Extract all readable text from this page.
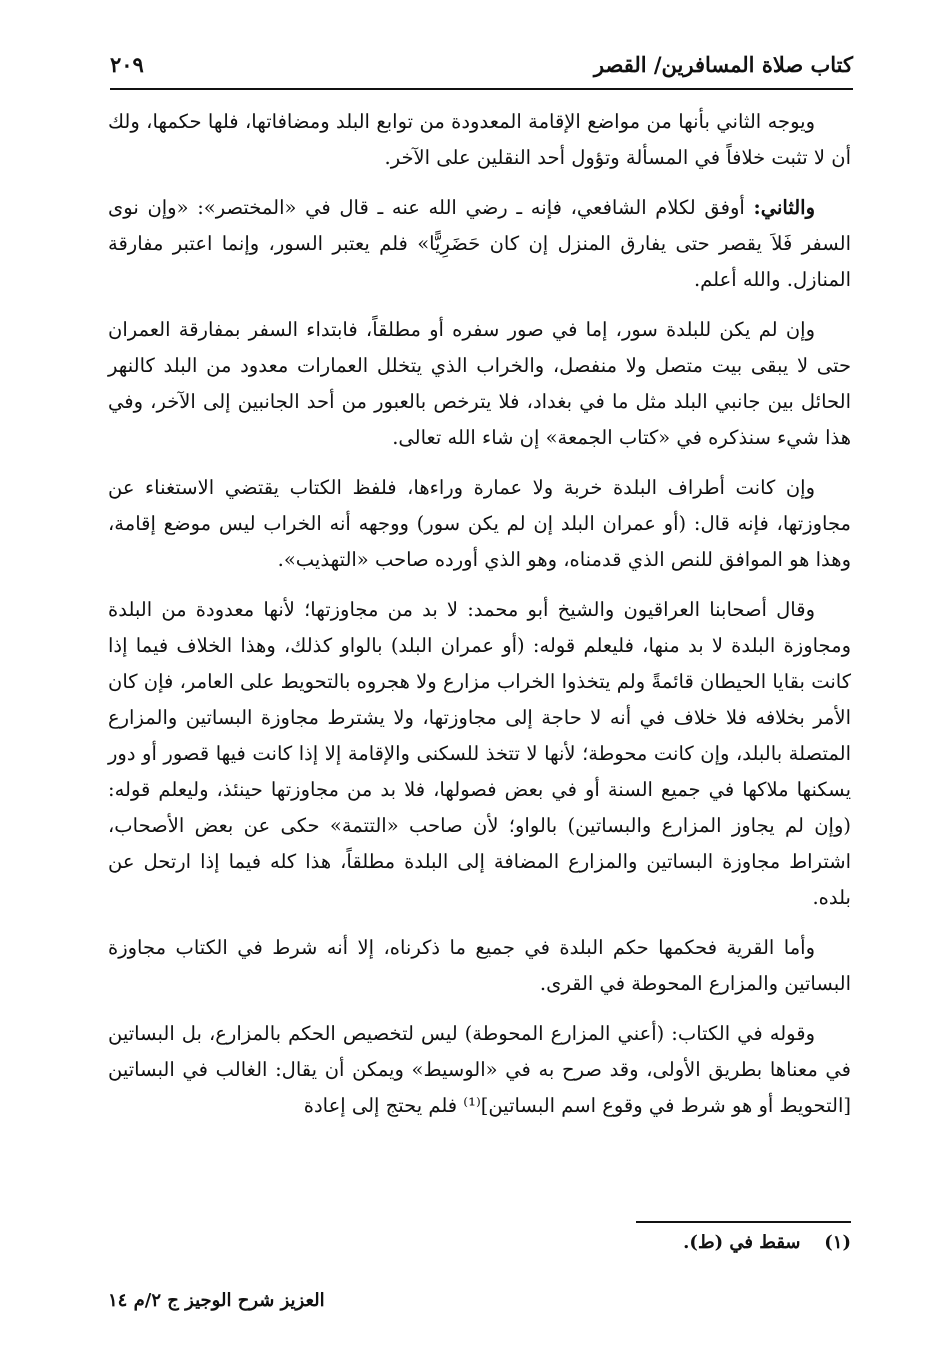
كتاب صلاة المسافرين/ القصر
٢٠٩

ويوجه الثاني بأنها من مواضع الإقامة المعدودة من توابع البلد ومضافاتها، فلها حكمها، ولك أن لا تثبت خلافاً في المسألة وتؤول أحد النقلين على الآخر.

والثاني: أوفق لكلام الشافعي، فإنه ـ رضي الله عنه ـ قال في «المختصر»: «وإن نوى السفر فَلاَ يقصر حتى يفارق المنزل إن كان حَضَرِيًّا» فلم يعتبر السور، وإنما اعتبر مفارقة المنازل. والله أعلم.

وإن لم يكن للبلدة سور، إما في صور سفره أو مطلقاً، فابتداء السفر بمفارقة العمران حتى لا يبقى بيت متصل ولا منفصل، والخراب الذي يتخلل العمارات معدود من البلد كالنهر الحائل بين جانبي البلد مثل ما في بغداد، فلا يترخص بالعبور من أحد الجانبين إلى الآخر، وفي هذا شيء سنذكره في «كتاب الجمعة» إن شاء الله تعالى.

وإن كانت أطراف البلدة خربة ولا عمارة وراءها، فلفظ الكتاب يقتضي الاستغناء عن مجاوزتها، فإنه قال: (أو عمران البلد إن لم يكن سور) ووجهه أنه الخراب ليس موضع إقامة، وهذا هو الموافق للنص الذي قدمناه، وهو الذي أورده صاحب «التهذيب».

وقال أصحابنا العراقيون والشيخ أبو محمد: لا بد من مجاوزتها؛ لأنها معدودة من البلدة ومجاوزة البلدة لا بد منها، فليعلم قوله: (أو عمران البلد) بالواو كذلك، وهذا الخلاف فيما إذا كانت بقايا الحيطان قائمةً ولم يتخذوا الخراب مزارع ولا هجروه بالتحويط على العامر، فإن كان الأمر بخلافه فلا خلاف في أنه لا حاجة إلى مجاوزتها، ولا يشترط مجاوزة البساتين والمزارع المتصلة بالبلد، وإن كانت محوطة؛ لأنها لا تتخذ للسكنى والإقامة إلا إذا كانت فيها قصور أو دور يسكنها ملاكها في جميع السنة أو في بعض فصولها، فلا بد من مجاوزتها حينئذ، وليعلم قوله: (وإن لم يجاوز المزارع والبساتين) بالواو؛ لأن صاحب «التتمة» حكى عن بعض الأصحاب، اشتراط مجاوزة البساتين والمزارع المضافة إلى البلدة مطلقاً، هذا كله فيما إذا ارتحل عن بلده.

وأما القرية فحكمها حكم البلدة في جميع ما ذكرناه، إلا أنه شرط في الكتاب مجاوزة البساتين والمزارع المحوطة في القرى.

وقوله في الكتاب: (أعني المزارع المحوطة) ليس لتخصيص الحكم بالمزارع، بل البساتين في معناها بطريق الأولى، وقد صرح به في «الوسيط» ويمكن أن يقال: الغالب في البساتين [التحويط أو هو شرط في وقوع اسم البساتين]⁽¹⁾ فلم يحتج إلى إعادة

(١) سقط في (ط).
العزيز شرح الوجيز ج ٢/م ١٤
